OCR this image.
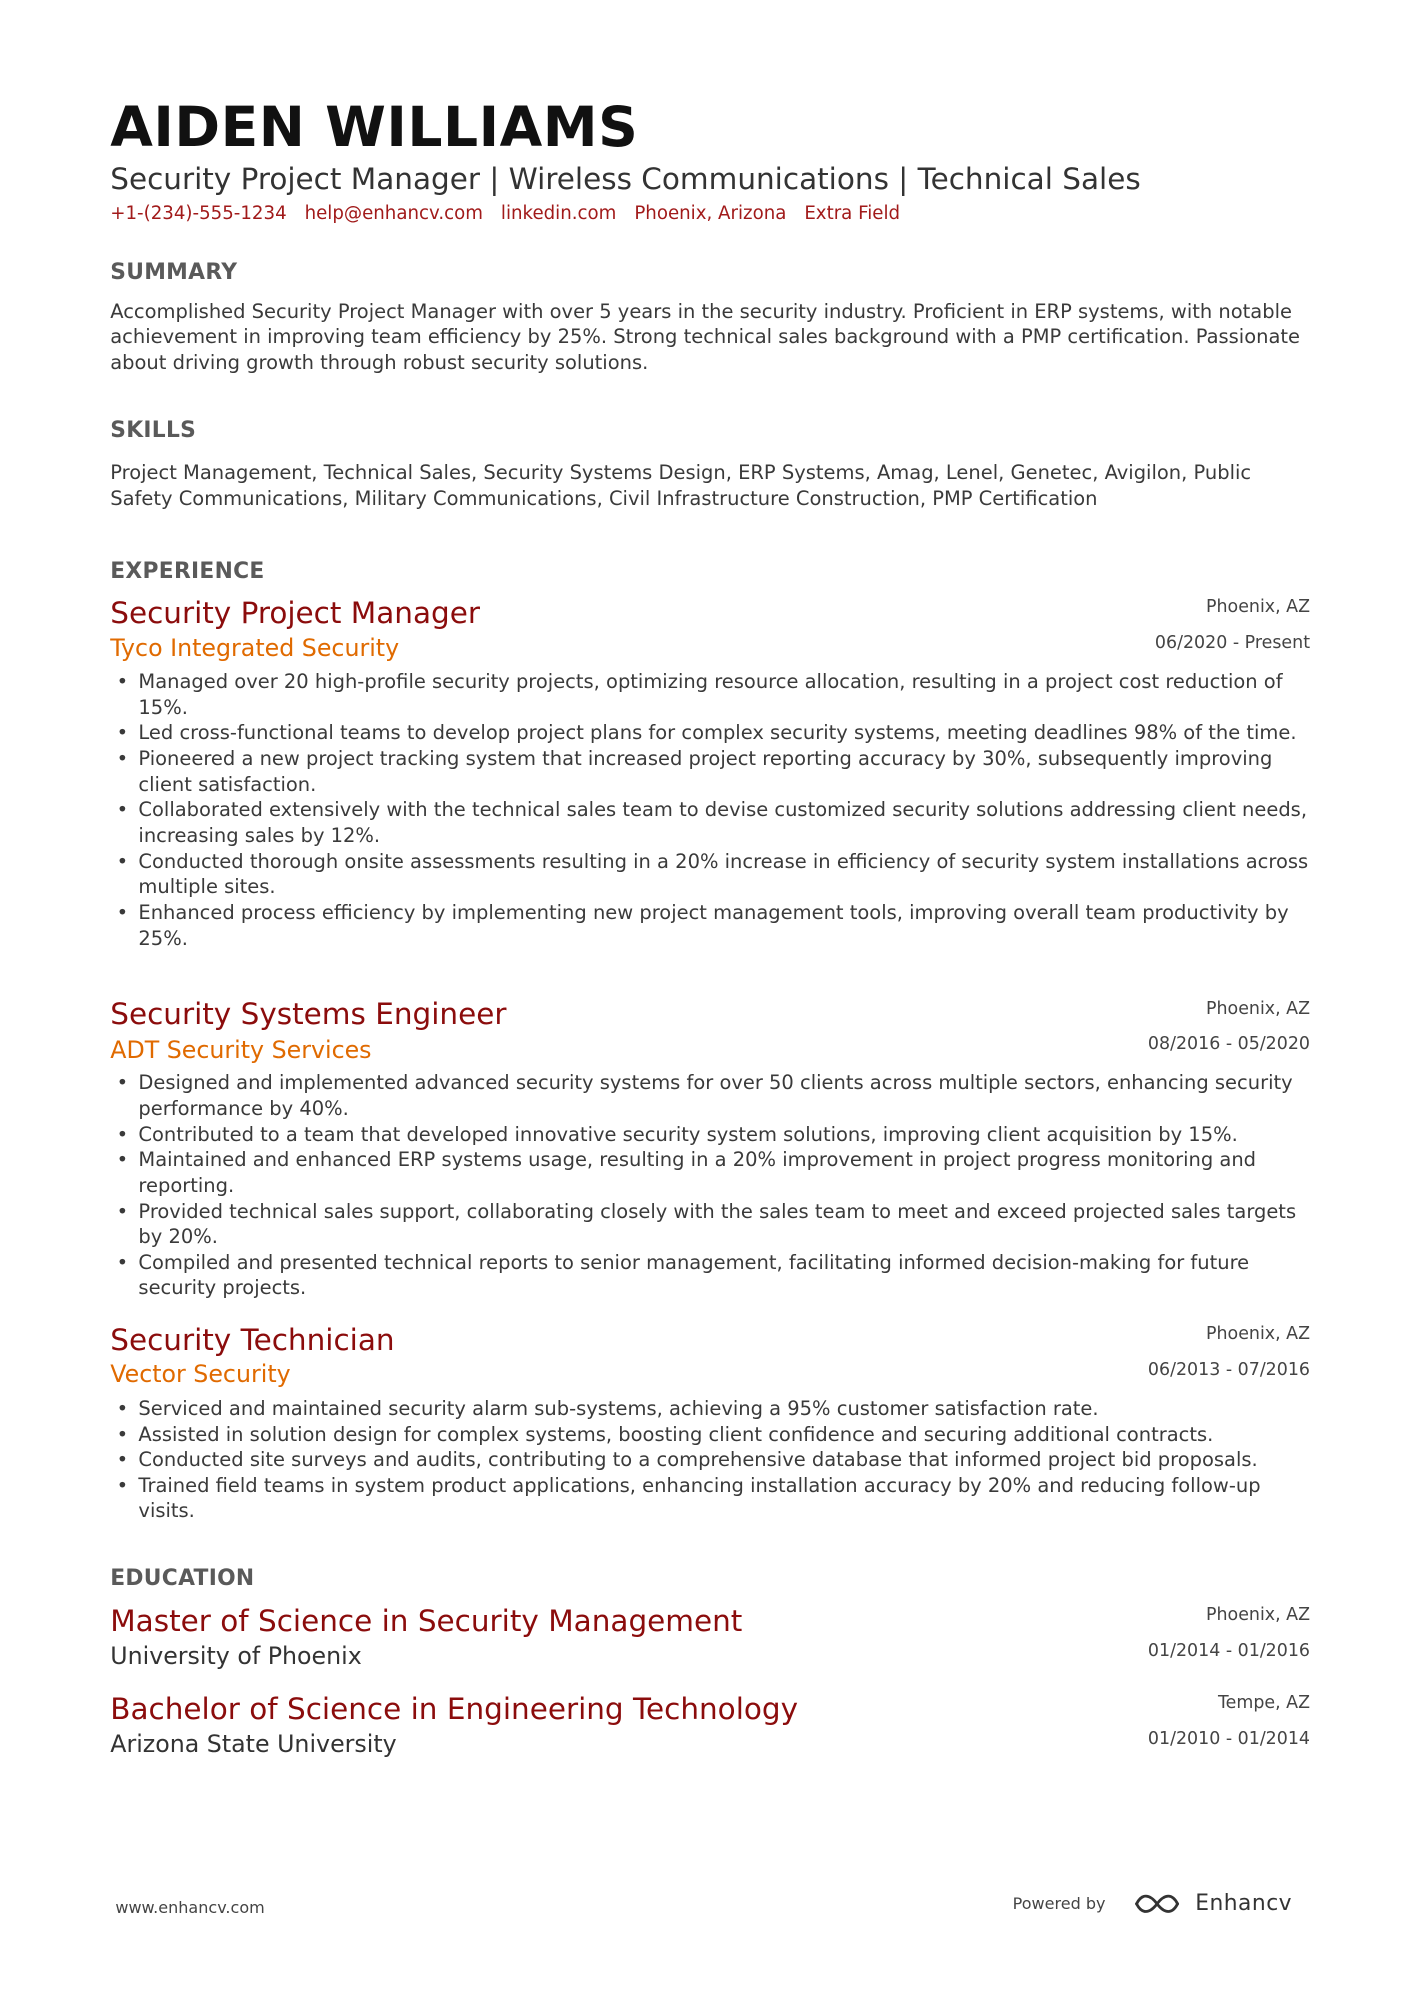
AIDEN WILLIAMS
Security Project Manager | Wireless Communications | Technical Sales
+1-(234)-555-1234 help@enhancv.com linkedin.com Phoenix, Arizona Extra Field
SUMMARY
Accomplished Security Project Manager with over 5 years in the security industry. Proficient in ERP systems, with notable achievement in improving team efficiency by 25%. Strong technical sales background with a PMP certification. Passionate about driving growth through robust security solutions.
SKILLS
Project Management, Technical Sales, Security Systems Design, ERP Systems, Amag, Lenel, Genetec, Avigilon, Public Safety Communications, Military Communications, Civil Infrastructure Construction, PMP Certification
EXPERIENCE
Security Project Manager	Phoenix, AZ
Tyco Integrated Security	06/2020 - Present
• Managed over 20 high-profile security projects, optimizing resource allocation, resulting in a project cost reduction of 15%.
• Led cross-functional teams to develop project plans for complex security systems, meeting deadlines 98% of the time.
• Pioneered a new project tracking system that increased project reporting accuracy by 30%, subsequently improving client satisfaction.
• Collaborated extensively with the technical sales team to devise customized security solutions addressing client needs, increasing sales by 12%.
• Conducted thorough onsite assessments resulting in a 20% increase in efficiency of security system installations across multiple sites.
• Enhanced process efficiency by implementing new project management tools, improving overall team productivity by 25%.
Security Systems Engineer	Phoenix, AZ
ADT Security Services	08/2016 - 05/2020
• Designed and implemented advanced security systems for over 50 clients across multiple sectors, enhancing security performance by 40%.
• Contributed to a team that developed innovative security system solutions, improving client acquisition by 15%.
• Maintained and enhanced ERP systems usage, resulting in a 20% improvement in project progress monitoring and reporting.
• Provided technical sales support, collaborating closely with the sales team to meet and exceed projected sales targets by 20%.
• Compiled and presented technical reports to senior management, facilitating informed decision-making for future security projects.
Security Technician	Phoenix, AZ
Vector Security	06/2013 - 07/2016
• Serviced and maintained security alarm sub-systems, achieving a 95% customer satisfaction rate.
• Assisted in solution design for complex systems, boosting client confidence and securing additional contracts.
• Conducted site surveys and audits, contributing to a comprehensive database that informed project bid proposals.
• Trained field teams in system product applications, enhancing installation accuracy by 20% and reducing follow-up visits.
EDUCATION
Master of Science in Security Management	Phoenix, AZ
University of Phoenix	01/2014 - 01/2016
Bachelor of Science in Engineering Technology	Tempe, AZ
Arizona State University	01/2010 - 01/2014
www.enhancv.com	Powered by	Enhancv
